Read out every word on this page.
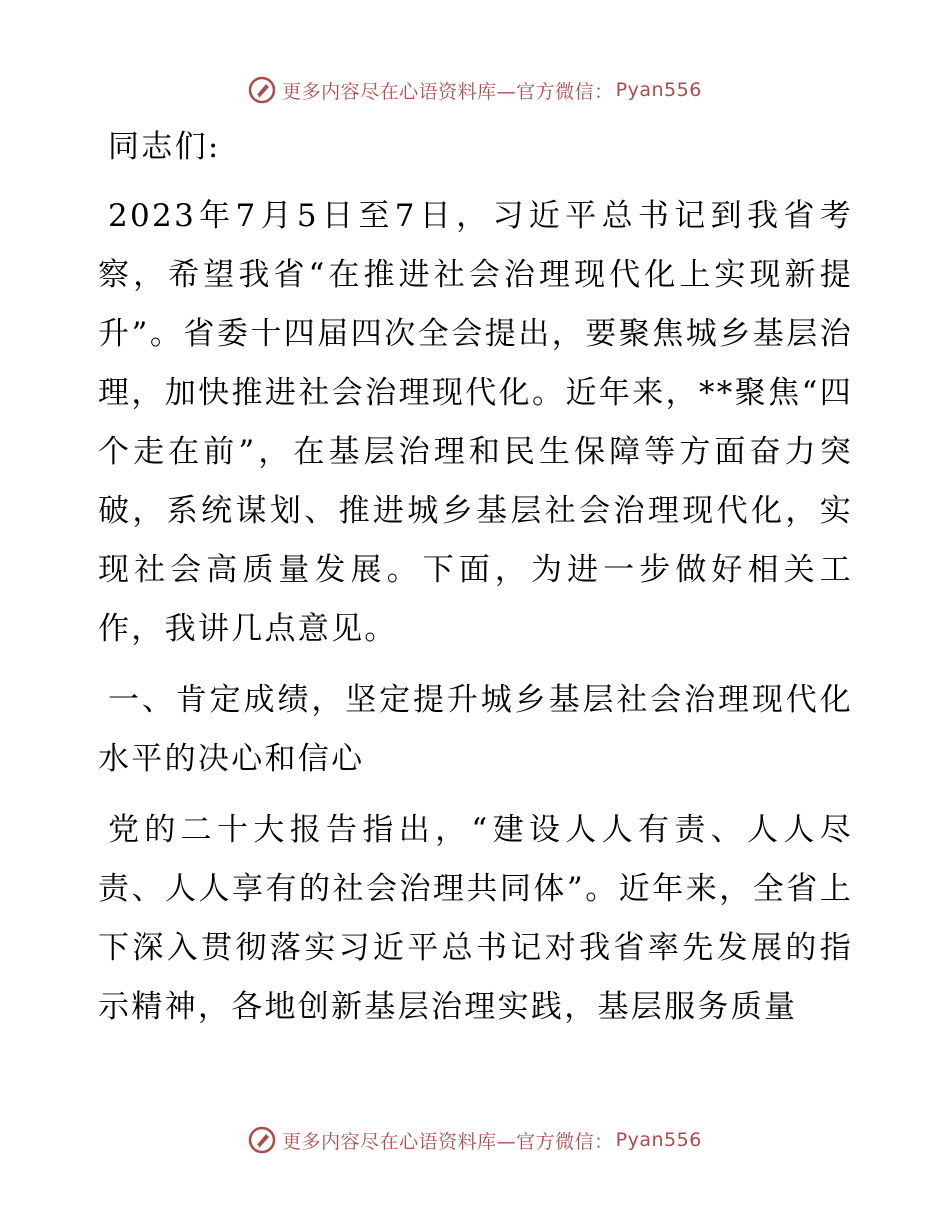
更多内容尽在心语资料库—官方微信： Pyan556

同志们:

2023年7月5日至7日，习近平总书记到我省考察，希望我省“在推进社会治理现代化上实现新提升”。省委十四届四次全会提出，要聚焦城乡基层治理，加快推进社会治理现代化。近年来，**聚焦“四个走在前”，在基层治理和民生保障等方面奋力突破，系统谋划、推进城乡基层社会治理现代化，实现社会高质量发展。下面，为进一步做好相关工作，我讲几点意见。

一、肯定成绩，坚定提升城乡基层社会治理现代化水平的决心和信心

党的二十大报告指出，“建设人人有责、人人尽责、人人享有的社会治理共同体”。近年来，全省上下深入贯彻落实习近平总书记对我省率先发展的指示精神，各地创新基层治理实践，基层服务质量

更多内容尽在心语资料库—官方微信： Pyan556
